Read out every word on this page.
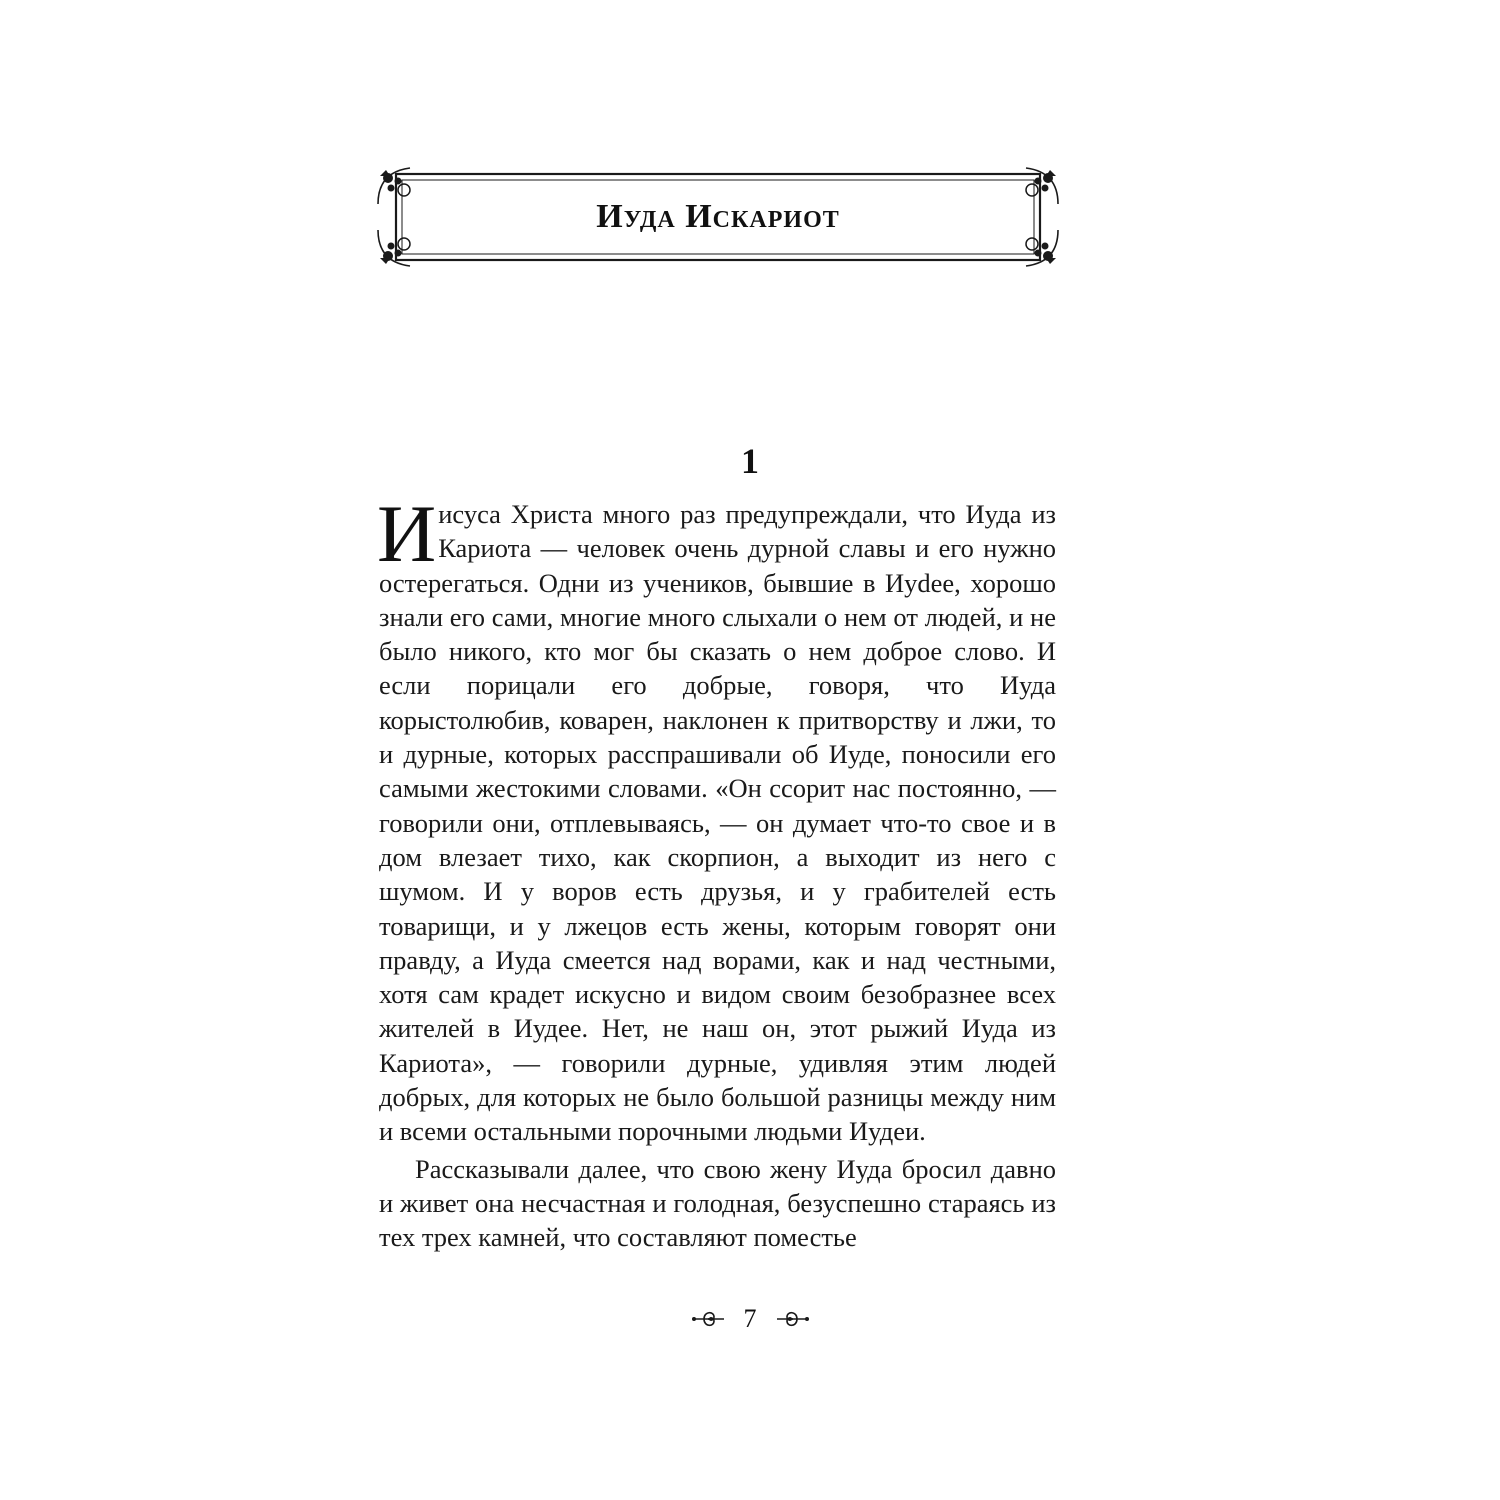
Иуда Искариот
1

Иисуса Христа много раз предупреждали, что Иуда из Кариота — человек очень дурной славы и его нужно остерегаться. Одни из учеников, бывшие в Иуdее, хорошо знали его сами, многие много слыхали о нем от людей, и не было никого, кто мог бы сказать о нем доброе слово. И если порицали его добрые, говоря, что Иуда корыстолюбив, коварен, наклонен к притворству и лжи, то и дурные, которых расспрашивали об Иуде, поносили его самыми жестокими словами. «Он ссорит нас постоянно, — говорили они, отплевываясь, — он думает что-то свое и в дом влезает тихо, как скорпион, а выходит из него с шумом. И у воров есть друзья, и у грабителей есть товарищи, и у лжецов есть жены, которым говорят они правду, а Иуда смеется над ворами, как и над честными, хотя сам крадет искусно и видом своим безобразнее всех жителей в Иудее. Нет, не наш он, этот рыжий Иуда из Кариота», — говорили дурные, удивляя этим людей добрых, для которых не было большой разницы между ним и всеми остальными порочными людьми Иудеи.

Рассказывали далее, что свою жену Иуда бросил давно и живет она несчастная и голодная, безуспешно стараясь из тех трех камней, что составляют поместье

7
